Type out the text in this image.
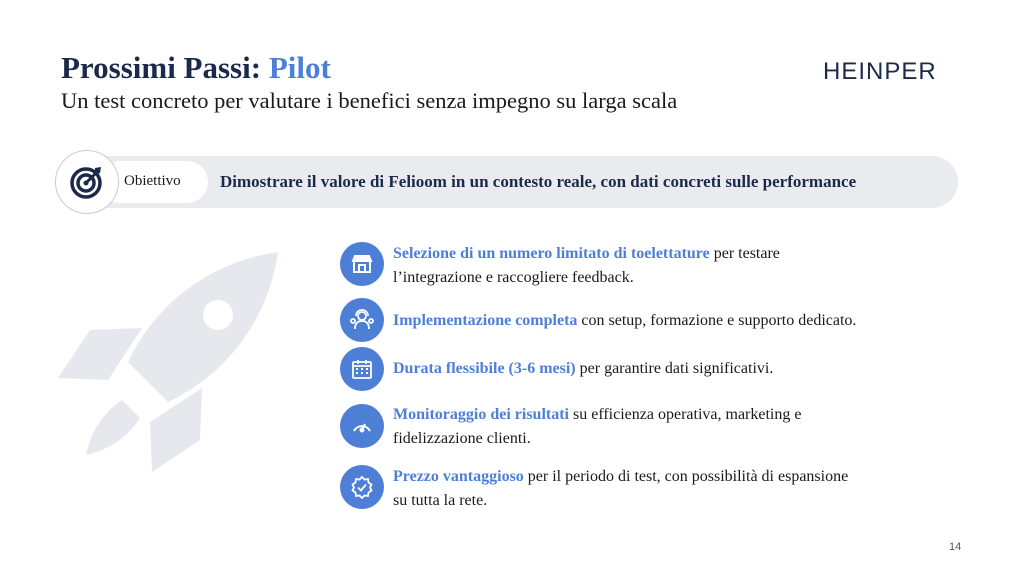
Prossimi Passi: Pilot
Un test concreto per valutare i benefici senza impegno su larga scala
HEINPER
Obiettivo Dimostrare il valore di Felioom in un contesto reale, con dati concreti sulle performance
Selezione di un numero limitato di toelettature per testare
l’integrazione e raccogliere feedback.
Implementazione completa con setup, formazione e supporto dedicato.
Durata flessibile (3-6 mesi) per garantire dati significativi.
Monitoraggio dei risultati su efficienza operativa, marketing e
fidelizzazione clienti.
Prezzo vantaggioso per il periodo di test, con possibilità di espansione
su tutta la rete.
14
